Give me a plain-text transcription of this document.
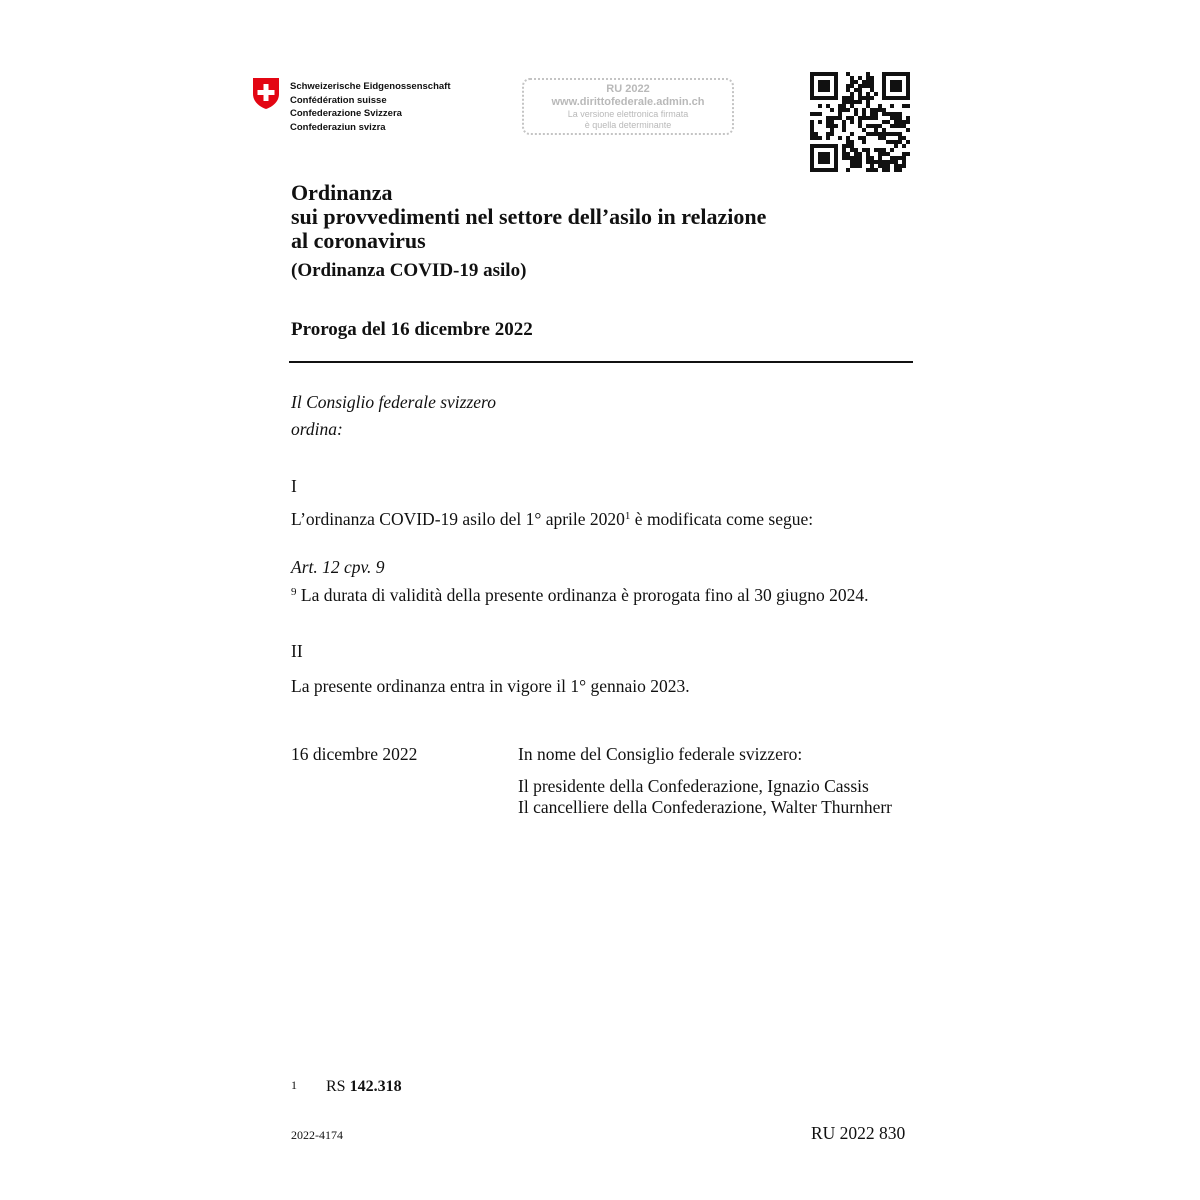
Schweizerische Eidgenossenschaft
Confédération suisse
Confederazione Svizzera
Confederaziun svizra
RU 2022
www.dirittofederale.admin.ch
La versione elettronica firmata
è quella determinante
Ordinanza
sui provvedimenti nel settore dell’asilo in relazione
al coronavirus
(Ordinanza COVID-19 asilo)
Proroga del 16 dicembre 2022
Il Consiglio federale svizzero
ordina:
I
L’ordinanza COVID-19 asilo del 1° aprile 2020$^1$ è modificata come segue:
Art. 12 cpv. 9
$^9$ La durata di validità della presente ordinanza è prorogata fino al 30 giugno 2024.
II
La presente ordinanza entra in vigore il 1° gennaio 2023.
16 dicembre 2022	In nome del Consiglio federale svizzero:
Il presidente della Confederazione, Ignazio Cassis
Il cancelliere della Confederazione, Walter Thurnherr
1 RS 142.318
2022-4174	RU 2022 830
